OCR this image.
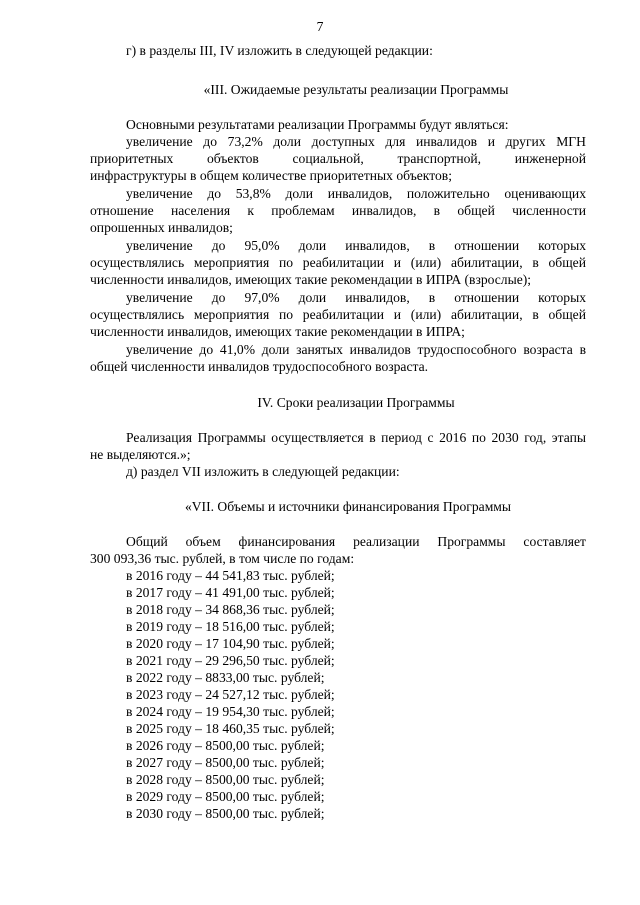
7
г) в разделы III, IV изложить в следующей редакции:
«III. Ожидаемые результаты реализации Программы
Основными результатами реализации Программы будут являться:
увеличение до 73,2% доли доступных для инвалидов и других МГН
приоритетных объектов социальной, транспортной, инженерной
инфраструктуры в общем количестве приоритетных объектов;
увеличение до 53,8% доли инвалидов, положительно оценивающих
отношение населения к проблемам инвалидов, в общей численности
опрошенных инвалидов;
увеличение до 95,0% доли инвалидов, в отношении которых
осуществлялись мероприятия по реабилитации и (или) абилитации, в общей
численности инвалидов, имеющих такие рекомендации в ИПРА (взрослые);
увеличение до 97,0% доли инвалидов, в отношении которых
осуществлялись мероприятия по реабилитации и (или) абилитации, в общей
численности инвалидов, имеющих такие рекомендации в ИПРА;
увеличение до 41,0% доли занятых инвалидов трудоспособного возраста в
общей численности инвалидов трудоспособного возраста.
IV. Сроки реализации Программы
Реализация Программы осуществляется в период с 2016 по 2030 год, этапы
не выделяются.»;
д) раздел VII изложить в следующей редакции:
«VII. Объемы и источники финансирования Программы
Общий объем финансирования реализации Программы составляет
300 093,36 тыс. рублей, в том числе по годам:
в 2016 году – 44 541,83 тыс. рублей;
в 2017 году – 41 491,00 тыс. рублей;
в 2018 году – 34 868,36 тыс. рублей;
в 2019 году – 18 516,00 тыс. рублей;
в 2020 году – 17 104,90 тыс. рублей;
в 2021 году – 29 296,50 тыс. рублей;
в 2022 году – 8833,00 тыс. рублей;
в 2023 году – 24 527,12 тыс. рублей;
в 2024 году – 19 954,30 тыс. рублей;
в 2025 году – 18 460,35 тыс. рублей;
в 2026 году – 8500,00 тыс. рублей;
в 2027 году – 8500,00 тыс. рублей;
в 2028 году – 8500,00 тыс. рублей;
в 2029 году – 8500,00 тыс. рублей;
в 2030 году – 8500,00 тыс. рублей;
